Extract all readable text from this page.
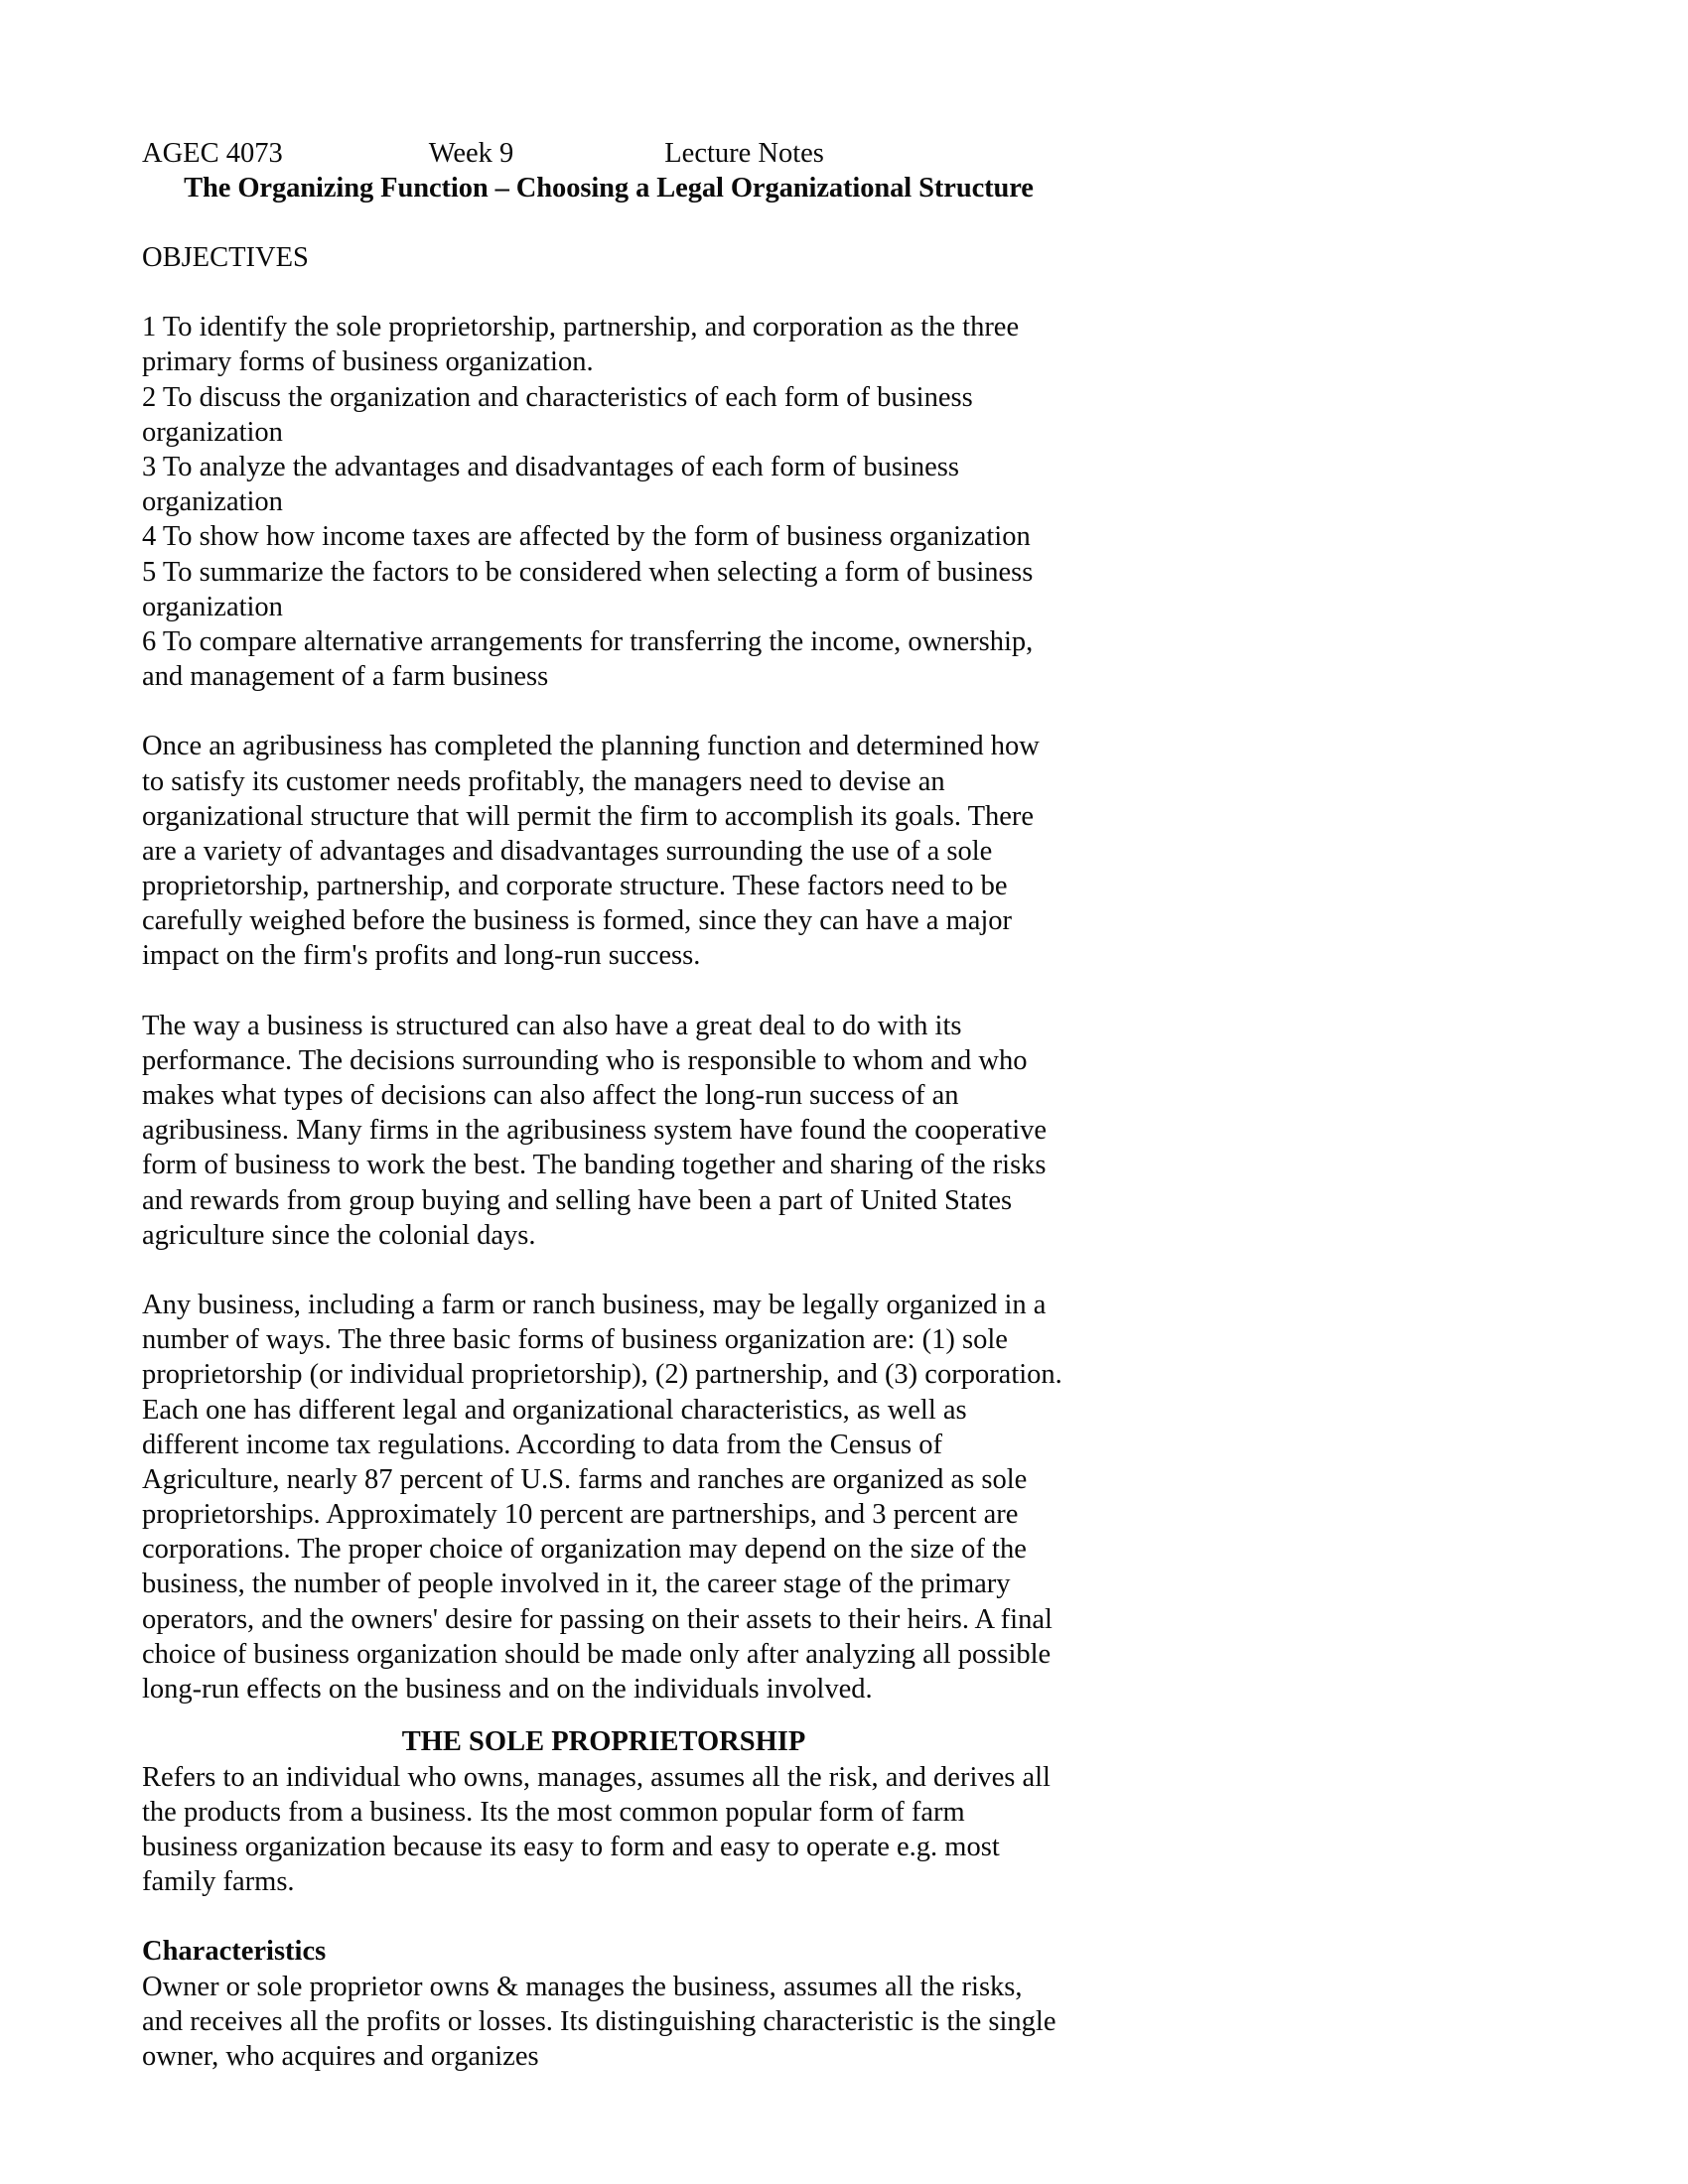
AGEC 4073	Week 9	Lecture Notes
The Organizing Function – Choosing a Legal Organizational Structure
OBJECTIVES
1 To identify the sole proprietorship, partnership, and corporation as the three primary forms of business organization.
2 To discuss the organization and characteristics of each form of business organization
3 To analyze the advantages and disadvantages of each form of business organization
4 To show how income taxes are affected by the form of business organization
5 To summarize the factors to be considered when selecting a form of business organization
6 To compare alternative arrangements for transferring the income, ownership, and management of a farm business

Once an agribusiness has completed the planning function and determined how to satisfy its customer needs profitably, the managers need to devise an organizational structure that will permit the firm to accomplish its goals. There are a variety of advantages and disadvantages surrounding the use of a sole proprietorship, partnership, and corporate structure. These factors need to be carefully weighed before the business is formed, since they can have a major impact on the firm's profits and long-run success.

The way a business is structured can also have a great deal to do with its performance. The decisions surrounding who is responsible to whom and who makes what types of decisions can also affect the long-run success of an agribusiness. Many firms in the agribusiness system have found the cooperative form of business to work the best. The banding together and sharing of the risks and rewards from group buying and selling have been a part of United States agriculture since the colonial days.

Any business, including a farm or ranch business, may be legally organized in a number of ways. The three basic forms of business organization are: (1) sole proprietorship (or individual proprietorship), (2) partnership, and (3) corporation. Each one has different legal and organizational characteristics, as well as different income tax regulations. According to data from the Census of Agriculture, nearly 87 percent of U.S. farms and ranches are organized as sole proprietorships. Approximately 10 percent are partnerships, and 3 percent are corporations. The proper choice of organization may depend on the size of the business, the number of people involved in it, the career stage of the primary operators, and the owners' desire for passing on their assets to their heirs. A final choice of business organization should be made only after analyzing all possible long-run effects on the business and on the individuals involved.

THE SOLE PROPRIETORSHIP

Refers to an individual who owns, manages, assumes all the risk, and derives all the products from a business. Its the most common popular form of farm business organization because its easy to form and easy to operate e.g. most family farms.

Characteristics

Owner or sole proprietor owns & manages the business, assumes all the risks, and receives all the profits or losses. Its distinguishing characteristic is the single owner, who acquires and organizes
